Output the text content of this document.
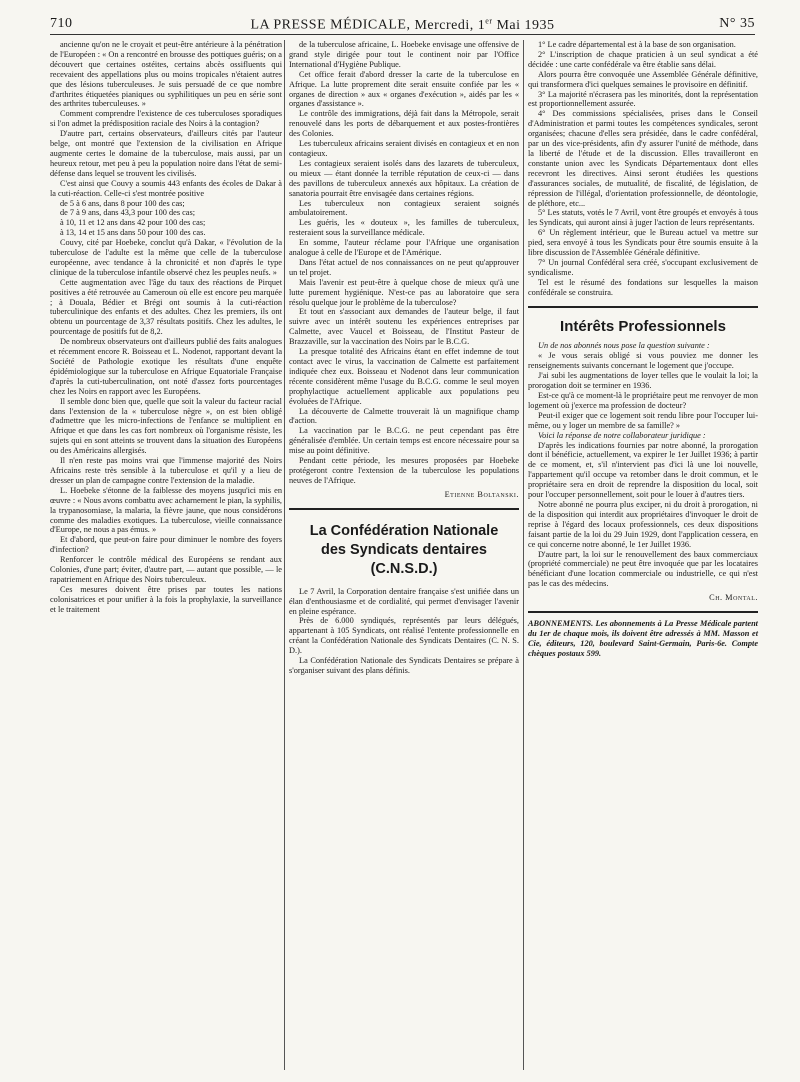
710	LA PRESSE MÉDICALE, Mercredi, 1er Mai 1935	N° 35

ancienne qu'on ne le croyait et peut-être antérieure à la pénétration de l'Européen : « On a rencontré en brousse des pottiques guéris; on a découvert que certaines ostéites, certains abcès ossifluents qui recevaient des appellations plus ou moins tropicales n'étaient autres que des lésions tuberculeuses. Je suis persuadé de ce que nombre d'arthrites étiquetées pianiques ou syphilitiques un peu en série sont des arthrites tuberculeuses. »

Comment comprendre l'existence de ces tuberculoses sporadiques si l'on admet la prédisposition raciale des Noirs à la contagion?

D'autre part, certains observateurs, d'ailleurs cités par l'auteur belge, ont montré que l'extension de la civilisation en Afrique augmente certes le domaine de la tuberculose, mais aussi, par un heureux retour, met peu à peu la population noire dans l'état de semi-défense dans lequel se trouvent les civilisés.

C'est ainsi que Couvy a soumis 443 enfants des écoles de Dakar à la cuti-réaction. Celle-ci s'est montrée positive

de 5 à 6 ans, dans 8 pour 100 des cas;

de 7 à 9 ans, dans 43,3 pour 100 des cas;

à 10, 11 et 12 ans dans 42 pour 100 des cas;

à 13, 14 et 15 ans dans 50 pour 100 des cas.

Couvy, cité par Hoebeke, conclut qu'à Dakar, « l'évolution de la tuberculose de l'adulte est la même que celle de la tuberculose européenne, avec tendance à la chronicité et non d'après le type clinique de la tuberculose infantile observé chez les peuples neufs. »

Cette augmentation avec l'âge du taux des réactions de Pirquet positives a été retrouvée au Cameroun où elle est encore peu marquée ; à Douala, Bédier et Brégi ont soumis à la cuti-réaction tuberculinique des enfants et des adultes. Chez les premiers, ils ont obtenu un pourcentage de 3,37 résultats positifs. Chez les adultes, le pourcentage de positifs fut de 8,2.

De nombreux observateurs ont d'ailleurs publié des faits analogues et récemment encore R. Boisseau et L. Nodenot, rapportant devant la Société de Pathologie exotique les résultats d'une enquête épidémiologique sur la tuberculose en Afrique Equatoriale Française d'après la cuti-tuberculination, ont noté d'assez forts pourcentages chez les Noirs en rapport avec les Européens.

Il semble donc bien que, quelle que soit la valeur du facteur racial dans l'extension de la « tuberculose nègre », on est bien obligé d'admettre que les micro-infections de l'enfance se multiplient en Afrique et que dans les cas fort nombreux où l'organisme résiste, les sujets qui en sont atteints se trouvent dans la situation des Européens ou des Américains allergisés.

Il n'en reste pas moins vrai que l'immense majorité des Noirs Africains reste très sensible à la tuberculose et qu'il y a lieu de dresser un plan de campagne contre l'extension de la maladie.

L. Hoebeke s'étonne de la faiblesse des moyens jusqu'ici mis en œuvre : « Nous avons combattu avec acharnement le pian, la syphilis, la trypanosomiase, la malaria, la fièvre jaune, que nous considérons comme des maladies exotiques. La tuberculose, vieille connaissance d'Europe, ne nous a pas émus. »

Et d'abord, que peut-on faire pour diminuer le nombre des foyers d'infection?

Renforcer le contrôle médical des Européens se rendant aux Colonies, d'une part; éviter, d'autre part, — autant que possible, — le rapatriement en Afrique des Noirs tuberculeux.

Ces mesures doivent être prises par toutes les nations colonisatrices et pour unifier à la fois la prophylaxie, la surveillance et le traitement

de la tuberculose africaine, L. Hoebeke envisage une offensive de grand style dirigée pour tout le continent noir par l'Office International d'Hygiène Publique.

Cet office ferait d'abord dresser la carte de la tuberculose en Afrique. La lutte proprement dite serait ensuite confiée par les « organes de direction » aux « organes d'exécution », aidés par les « organes d'assistance ».

Le contrôle des immigrations, déjà fait dans la Métropole, serait renouvelé dans les ports de débarquement et aux postes-frontières des Colonies.

Les tuberculeux africains seraient divisés en contagieux et en non contagieux.

Les contagieux seraient isolés dans des lazarets de tuberculeux, ou mieux — étant donnée la terrible réputation de ceux-ci — dans des pavillons de tuberculeux annexés aux hôpitaux. La création de sanatoria pourrait être envisagée dans certaines régions.

Les tuberculeux non contagieux seraient soignés ambulatoirement.

Les guéris, les « douteux », les familles de tuberculeux, resteraient sous la surveillance médicale.

En somme, l'auteur réclame pour l'Afrique une organisation analogue à celle de l'Europe et de l'Amérique.

Dans l'état actuel de nos connaissances on ne peut qu'approuver un tel projet.

Mais l'avenir est peut-être à quelque chose de mieux qu'à une lutte purement hygiénique. N'est-ce pas au laboratoire que sera résolu quelque jour le problème de la tuberculose?

Et tout en s'associant aux demandes de l'auteur belge, il faut suivre avec un intérêt soutenu les expériences entreprises par Calmette, avec Vaucel et Boisseau, de l'Institut Pasteur de Brazzaville, sur la vaccination des Noirs par le B.C.G.

La presque totalité des Africains étant en effet indemne de tout contact avec le virus, la vaccination de Calmette est parfaitement indiquée chez eux. Boisseau et Nodenot dans leur communication récente considèrent même l'usage du B.C.G. comme le seul moyen prophylactique actuellement applicable aux populations peu évoluées de l'Afrique.

La découverte de Calmette trouverait là un magnifique champ d'action.

La vaccination par le B.C.G. ne peut cependant pas être généralisée d'emblée. Un certain temps est encore nécessaire pour sa mise au point définitive.

Pendant cette période, les mesures proposées par Hoebeke protégeront contre l'extension de la tuberculose les populations neuves de l'Afrique.

Etienne Boltanski.

La Confédération Nationale
des Syndicats dentaires
(C.N.S.D.)

Le 7 Avril, la Corporation dentaire française s'est unifiée dans un élan d'enthousiasme et de cordialité, qui permet d'envisager l'avenir en pleine espérance.

Près de 6.000 syndiqués, représentés par leurs délégués, appartenant à 105 Syndicats, ont réalisé l'entente professionnelle en créant la Confédération Nationale des Syndicats Dentaires (C. N. S. D.).

La Confédération Nationale des Syndicats Dentaires se prépare à s'organiser suivant des plans définis.

1° Le cadre départemental est à la base de son organisation.

2° L'inscription de chaque praticien à un seul syndicat a été décidée : une carte confédérale va être établie sans délai.

Alors pourra être convoquée une Assemblée Générale définitive, qui transformera d'ici quelques semaines le provisoire en définitif.

3° La majorité n'écrasera pas les minorités, dont la représentation est proportionnellement assurée.

4° Des commissions spécialisées, prises dans le Conseil d'Administration et parmi toutes les compétences syndicales, seront organisées; chacune d'elles sera présidée, dans le cadre confédéral, par un des vice-présidents, afin d'y assurer l'unité de méthode, dans la liberté de l'étude et de la discussion. Elles travailleront en constante union avec les Syndicats Départementaux dont elles recevront les directives. Ainsi seront étudiées les questions d'assurances sociales, de mutualité, de fiscalité, de législation, de répression de l'illégal, d'orientation professionnelle, de déontologie, de pléthore, etc...

5° Les statuts, votés le 7 Avril, vont être groupés et envoyés à tous les Syndicats, qui auront ainsi à juger l'action de leurs représentants.

6° Un règlement intérieur, que le Bureau actuel va mettre sur pied, sera envoyé à tous les Syndicats pour être soumis ensuite à la libre discussion de l'Assemblée Générale définitive.

7° Un journal Confédéral sera créé, s'occupant exclusivement de syndicalisme.

Tel est le résumé des fondations sur lesquelles la maison confédérale se construira.

Intérêts Professionnels

Un de nos abonnés nous pose la question suivante :

« Je vous serais obligé si vous pouviez me donner les renseignements suivants concernant le logement que j'occupe.

J'ai subi les augmentations de loyer telles que le voulait la loi; la prorogation doit se terminer en 1936.

Est-ce qu'à ce moment-là le propriétaire peut me renvoyer de mon logement où j'exerce ma profession de docteur?

Peut-il exiger que ce logement soit rendu libre pour l'occuper lui-même, ou y loger un membre de sa famille? »

Voici la réponse de notre collaborateur juridique :

D'après les indications fournies par notre abonné, la prorogation dont il bénéficie, actuellement, va expirer le 1er Juillet 1936; à partir de ce moment, et, s'il n'intervient pas d'ici là une loi nouvelle, l'appartement qu'il occupe va retomber dans le droit commun, et le propriétaire sera en droit de reprendre la disposition du local, soit pour l'occuper personnellement, soit pour le louer à d'autres tiers.

Notre abonné ne pourra plus exciper, ni du droit à prorogation, ni de la disposition qui interdit aux propriétaires d'invoquer le droit de reprise à l'égard des locaux professionnels, ces deux dispositions faisant partie de la loi du 29 Juin 1929, dont l'application cessera, en ce qui concerne notre abonné, le 1er Juillet 1936.

D'autre part, la loi sur le renouvellement des baux commerciaux (propriété commerciale) ne peut être invoquée que par les locataires bénéficiant d'une location commerciale ou industrielle, ce qui n'est pas le cas des médecins.

Ch. Montal.

ABONNEMENTS. Les abonnements à La Presse Médicale partent du 1er de chaque mois, ils doivent être adressés à MM. Masson et Cie, éditeurs, 120, boulevard Saint-Germain, Paris-6e. Compte chèques postaux 599.
